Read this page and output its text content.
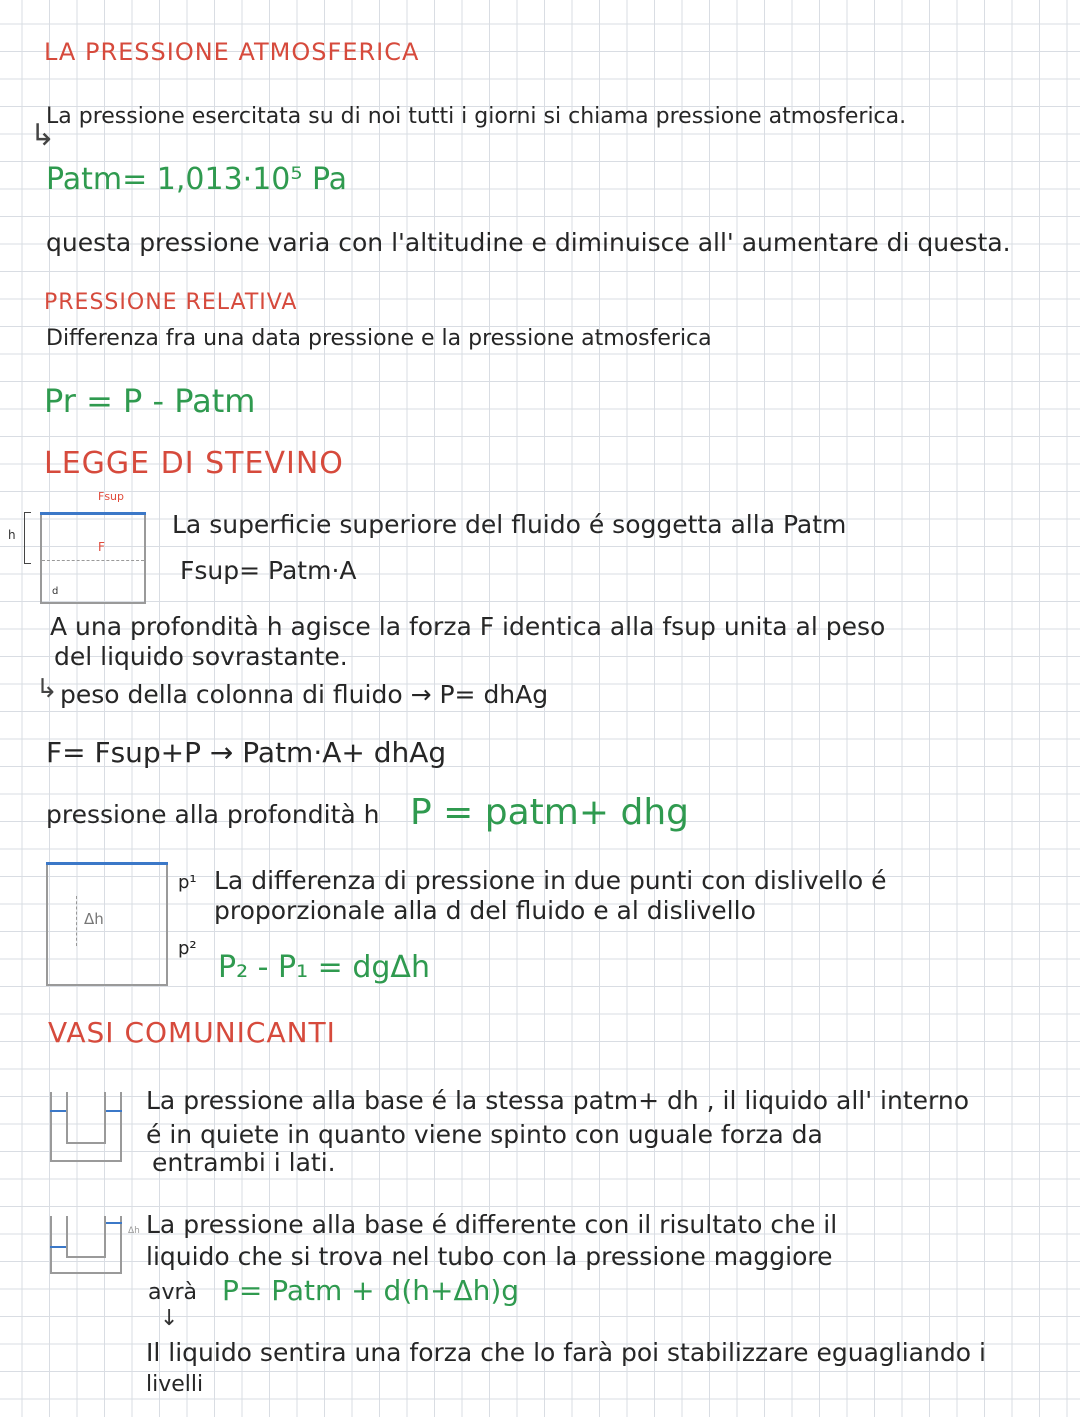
LA PRESSIONE ATMOSFERICA
La pressione esercitata su di noi tutti i giorni si chiama pressione atmosferica.
↳
Patm= 1,013·10⁵ Pa
questa pressione varia con l'altitudine e diminuisce all' aumentare di questa.
PRESSIONE RELATIVA
Differenza fra una data pressione e la pressione atmosferica
Pr = P - Patm
LEGGE DI STEVINO
Fsup
F
h
d
La superficie superiore del fluido é soggetta alla Patm
Fsup= Patm·A
A una profondità h agisce la forza F identica alla fsup unita al peso
del liquido sovrastante.
↳ peso della colonna di fluido → P= dhAg
F= Fsup+P → Patm·A+ dhAg
pressione alla profondità h P = patm+ dhg
Δh
p¹
p²
La differenza di pressione in due punti con dislivello é
proporzionale alla d del fluido e al dislivello
P₂ - P₁ = dgΔh
VASI COMUNICANTI
La pressione alla base é la stessa patm+ dh , il liquido all' interno
é in quiete in quanto viene spinto con uguale forza da
entrambi i lati.
Δh La pressione alla base é differente con il risultato che il
liquido che si trova nel tubo con la pressione maggiore
avrà P= Patm + d(h+Δh)g
↓
Il liquido sentira una forza che lo farà poi stabilizzare eguagliando i
livelli
